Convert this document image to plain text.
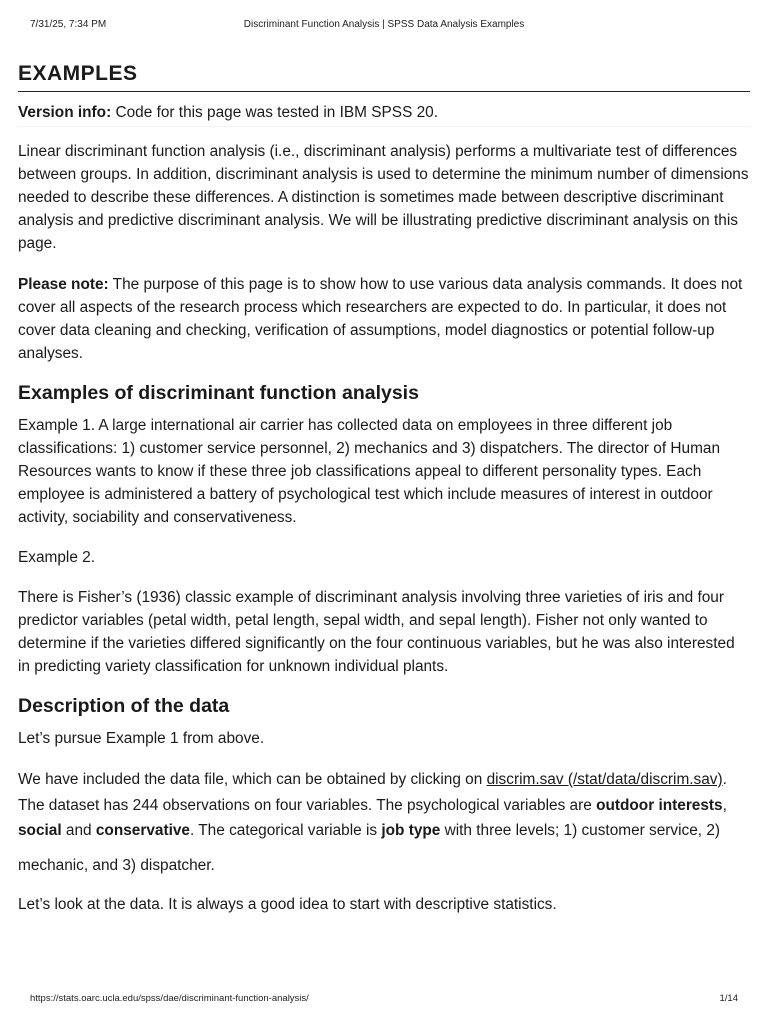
7/31/25, 7:34 PM	Discriminant Function Analysis | SPSS Data Analysis Examples
EXAMPLES

Version info: Code for this page was tested in IBM SPSS 20.

Linear discriminant function analysis (i.e., discriminant analysis) performs a multivariate test of differences between groups. In addition, discriminant analysis is used to determine the minimum number of dimensions needed to describe these differences. A distinction is sometimes made between descriptive discriminant analysis and predictive discriminant analysis. We will be illustrating predictive discriminant analysis on this page.

Please note: The purpose of this page is to show how to use various data analysis commands. It does not cover all aspects of the research process which researchers are expected to do. In particular, it does not cover data cleaning and checking, verification of assumptions, model diagnostics or potential follow-up analyses.

Examples of discriminant function analysis

Example 1. A large international air carrier has collected data on employees in three different job classifications: 1) customer service personnel, 2) mechanics and 3) dispatchers. The director of Human Resources wants to know if these three job classifications appeal to different personality types. Each employee is administered a battery of psychological test which include measures of interest in outdoor activity, sociability and conservativeness.

Example 2.

There is Fisher’s (1936) classic example of discriminant analysis involving three varieties of iris and four predictor variables (petal width, petal length, sepal width, and sepal length). Fisher not only wanted to determine if the varieties differed significantly on the four continuous variables, but he was also interested in predicting variety classification for unknown individual plants.

Description of the data

Let’s pursue Example 1 from above.

We have included the data file, which can be obtained by clicking on discrim.sav (/stat/data/discrim.sav). The dataset has 244 observations on four variables. The psychological variables are outdoor interests, social and conservative. The categorical variable is job type with three levels; 1) customer service, 2)

mechanic, and 3) dispatcher.

Let’s look at the data. It is always a good idea to start with descriptive statistics.

https://stats.oarc.ucla.edu/spss/dae/discriminant-function-analysis/	1/14
